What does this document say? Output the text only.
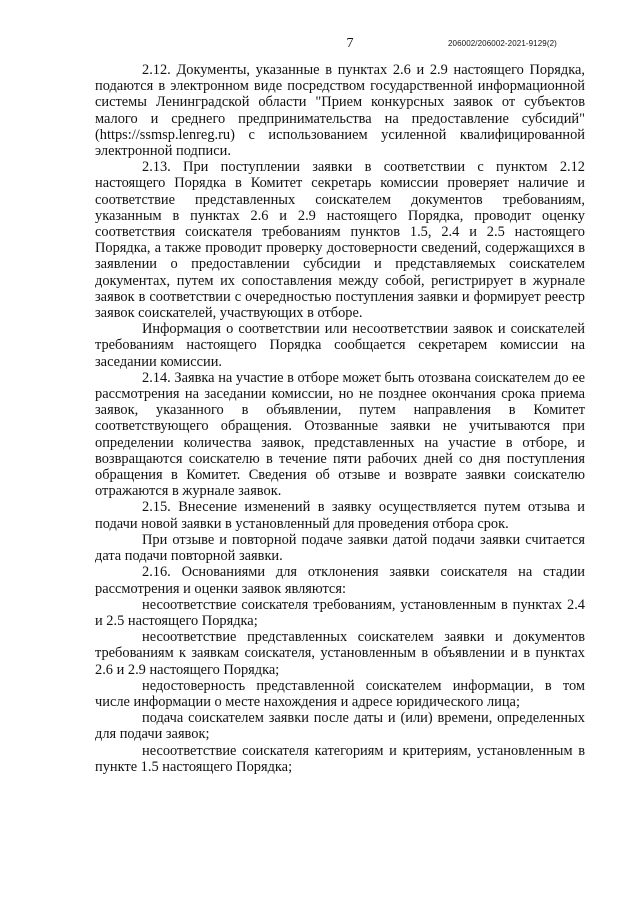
7	206002/206002-2021-9129(2)

2.12. Документы, указанные в пунктах 2.6 и 2.9 настоящего Порядка, подаются в электронном виде посредством государственной информационной системы Ленинградской области "Прием конкурсных заявок от субъектов малого и среднего предпринимательства на предоставление субсидий" (https://ssmsp.lenreg.ru) с использованием усиленной квалифицированной электронной подписи.

2.13. При поступлении заявки в соответствии с пунктом 2.12 настоящего Порядка в Комитет секретарь комиссии проверяет наличие и соответствие представленных соискателем документов требованиям, указанным в пунктах 2.6 и 2.9 настоящего Порядка, проводит оценку соответствия соискателя требованиям пунктов 1.5, 2.4 и 2.5 настоящего Порядка, а также проводит проверку достоверности сведений, содержащихся в заявлении о предоставлении субсидии и представляемых соискателем документах, путем их сопоставления между собой, регистрирует в журнале заявок в соответствии с очередностью поступления заявки и формирует реестр заявок соискателей, участвующих в отборе.

Информация о соответствии или несоответствии заявок и соискателей требованиям настоящего Порядка сообщается секретарем комиссии на заседании комиссии.

2.14. Заявка на участие в отборе может быть отозвана соискателем до ее рассмотрения на заседании комиссии, но не позднее окончания срока приема заявок, указанного в объявлении, путем направления в Комитет соответствующего обращения. Отозванные заявки не учитываются при определении количества заявок, представленных на участие в отборе, и возвращаются соискателю в течение пяти рабочих дней со дня поступления обращения в Комитет. Сведения об отзыве и возврате заявки соискателю отражаются в журнале заявок.

2.15. Внесение изменений в заявку осуществляется путем отзыва и подачи новой заявки в установленный для проведения отбора срок.

При отзыве и повторной подаче заявки датой подачи заявки считается дата подачи повторной заявки.

2.16. Основаниями для отклонения заявки соискателя на стадии рассмотрения и оценки заявок являются:

несоответствие соискателя требованиям, установленным в пунктах 2.4 и 2.5 настоящего Порядка;

несоответствие представленных соискателем заявки и документов требованиям к заявкам соискателя, установленным в объявлении и в пунктах 2.6 и 2.9 настоящего Порядка;

недостоверность представленной соискателем информации, в том числе информации о месте нахождения и адресе юридического лица;

подача соискателем заявки после даты и (или) времени, определенных для подачи заявок;

несоответствие соискателя категориям и критериям, установленным в пункте 1.5 настоящего Порядка;
